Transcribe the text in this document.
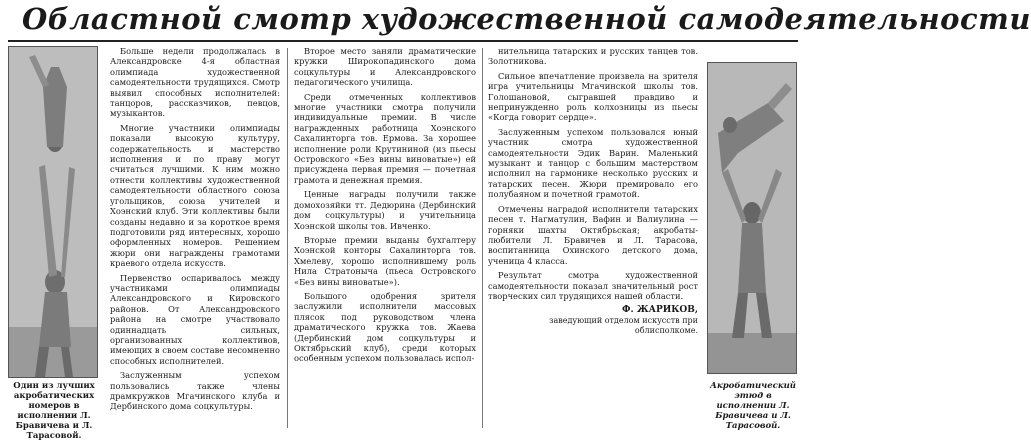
Областной смотр художественной самодеятельности
Один из лучших акробатических номеров в исполнении Л. Бравичева и Л. Тарасовой.

Больше недели продолжалась в Александровске 4-я областная олимпиада художественной самодеятельности трудящихся. Смотр выявил способных исполнителей: танцоров, рассказчиков, певцов, музыкантов.

Многие участники олимпиады показали высокую культуру, содержательность и мастерство исполнения и по праву могут считаться лучшими. К ним можно отнести коллективы художественной самодеятельности областного союза угольщиков, союза учителей и Хоэнский клуб. Эти коллективы были созданы недавно и за короткое время подготовили ряд интересных, хорошо оформленных номеров. Решением жюри они награждены грамотами краевого отдела искусств.

Первенство оспаривалось между участниками олимпиады Александровского и Кировского районов. От Александровского района на смотре участвовало одиннадцать сильных, организованных коллективов, имеющих в своем составе несомненно способных исполнителей.

Заслуженным успехом пользовались также члены драмкружков Мгачинского клуба и Дербинского дома соцкультуры.

Второе место заняли драматические кружки Широкопадинского дома соцкультуры и Александровского педагогического училища.

Среди отмеченных коллективов многие участники смотра получили индивидуальные премии. В числе награжденных работница Хоэнского Сахалинторга тов. Ермова. За хорошее исполнение роли Крутининой (из пьесы Островского «Без вины виноватые») ей присуждена первая премия — почетная грамота и денежная премия.

Ценные награды получили также домохозяйки тт. Дедюрина (Дербинский дом соцкультуры) и учительница Хоэнской школы тов. Ивченко.

Вторые премии выданы бухгалтеру Хоэнской конторы Сахалинторга тов. Хмелеву, хорошо исполнившему роль Нила Стратоныча (пьеса Островского «Без вины виноватые»).

Большого одобрения зрителя заслужили исполнители массовых плясок под руководством члена драматического кружка тов. Жаева (Дербинский дом соцкультуры и Октябрьский клуб), среди которых особенным успехом пользовалась испол-

нительница татарских и русских танцев тов. Золотникова.

Сильное впечатление произвела на зрителя игра учительницы Мгачинской школы тов. Голошановой, сыгравшей правдиво и непринужденно роль колхозницы из пьесы «Когда говорит сердце».

Заслуженным успехом пользовался юный участник смотра художественной самодеятельности Эдик Варин. Маленький музыкант и танцор с большим мастерством исполнил на гармонике несколько русских и татарских песен. Жюри премировало его полубаяном и почетной грамотой.

Отмечены наградой исполнители татарских песен т. Нагматулин, Вафин и Валиулина — горняки шахты Октябрьская; акробаты-любители Л. Бравичев и Л. Тарасова, воспитанница Охинского детского дома, ученица 4 класса.

Результат смотра художественной самодеятельности показал значительный рост творческих сил трудящихся нашей области.

Ф. ЖАРИКОВ,

заведующий отделом искусств при облисполкоме.

Акробатический этюд в исполнении Л. Бравичева и Л. Тарасовой.
